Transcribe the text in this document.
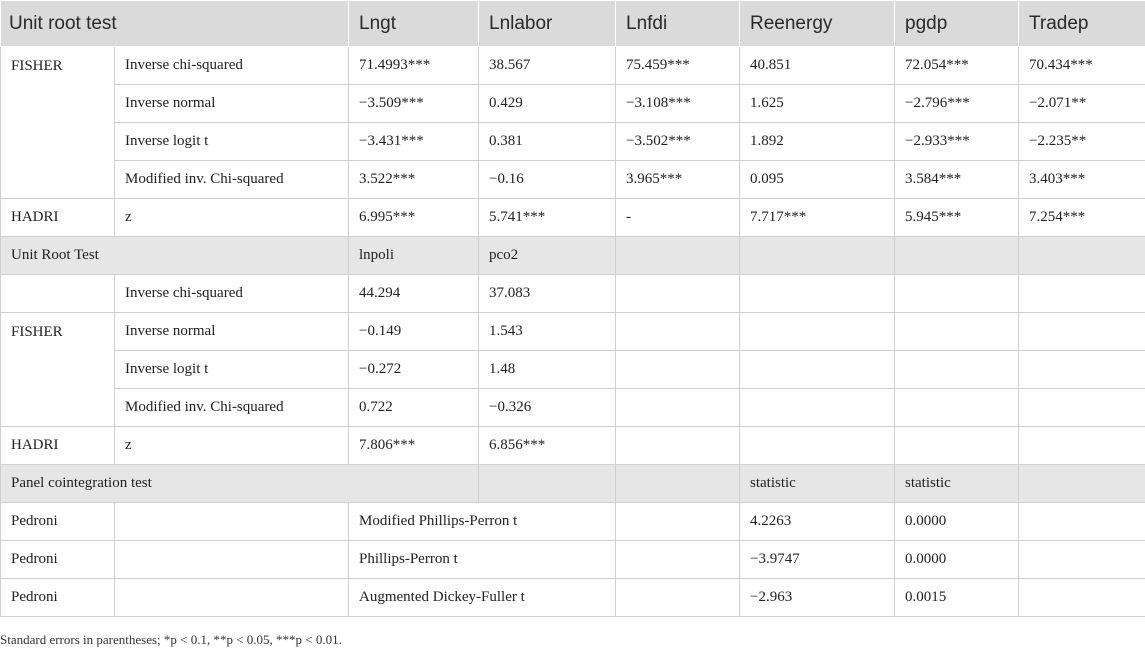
Unit root test		Lngt	Lnlabor	Lnfdi	Reenergy	pgdp	Tradep
FISHER	Inverse chi-squared	71.4993***	38.567	75.459***	40.851	72.054***	70.434***
	Inverse normal	−3.509***	0.429	−3.108***	1.625	−2.796***	−2.071**
	Inverse logit t	−3.431***	0.381	−3.502***	1.892	−2.933***	−2.235**
	Modified inv. Chi-squared	3.522***	−0.16	3.965***	0.095	3.584***	3.403***
HADRI	z	6.995***	5.741***	-	7.717***	5.945***	7.254***
Unit Root Test		lnpoli	pco2				
	Inverse chi-squared	44.294	37.083				
FISHER	Inverse normal	−0.149	1.543				
	Inverse logit t	−0.272	1.48				
	Modified inv. Chi-squared	0.722	−0.326				
HADRI	z	7.806***	6.856***				
Panel cointegration test					statistic	statistic	
Pedroni		Modified Phillips-Perron t			4.2263	0.0000	
Pedroni		Phillips-Perron t			−3.9747	0.0000	
Pedroni		Augmented Dickey-Fuller t			−2.963	0.0015	
Standard errors in parentheses; *p < 0.1, **p < 0.05, ***p < 0.01.
